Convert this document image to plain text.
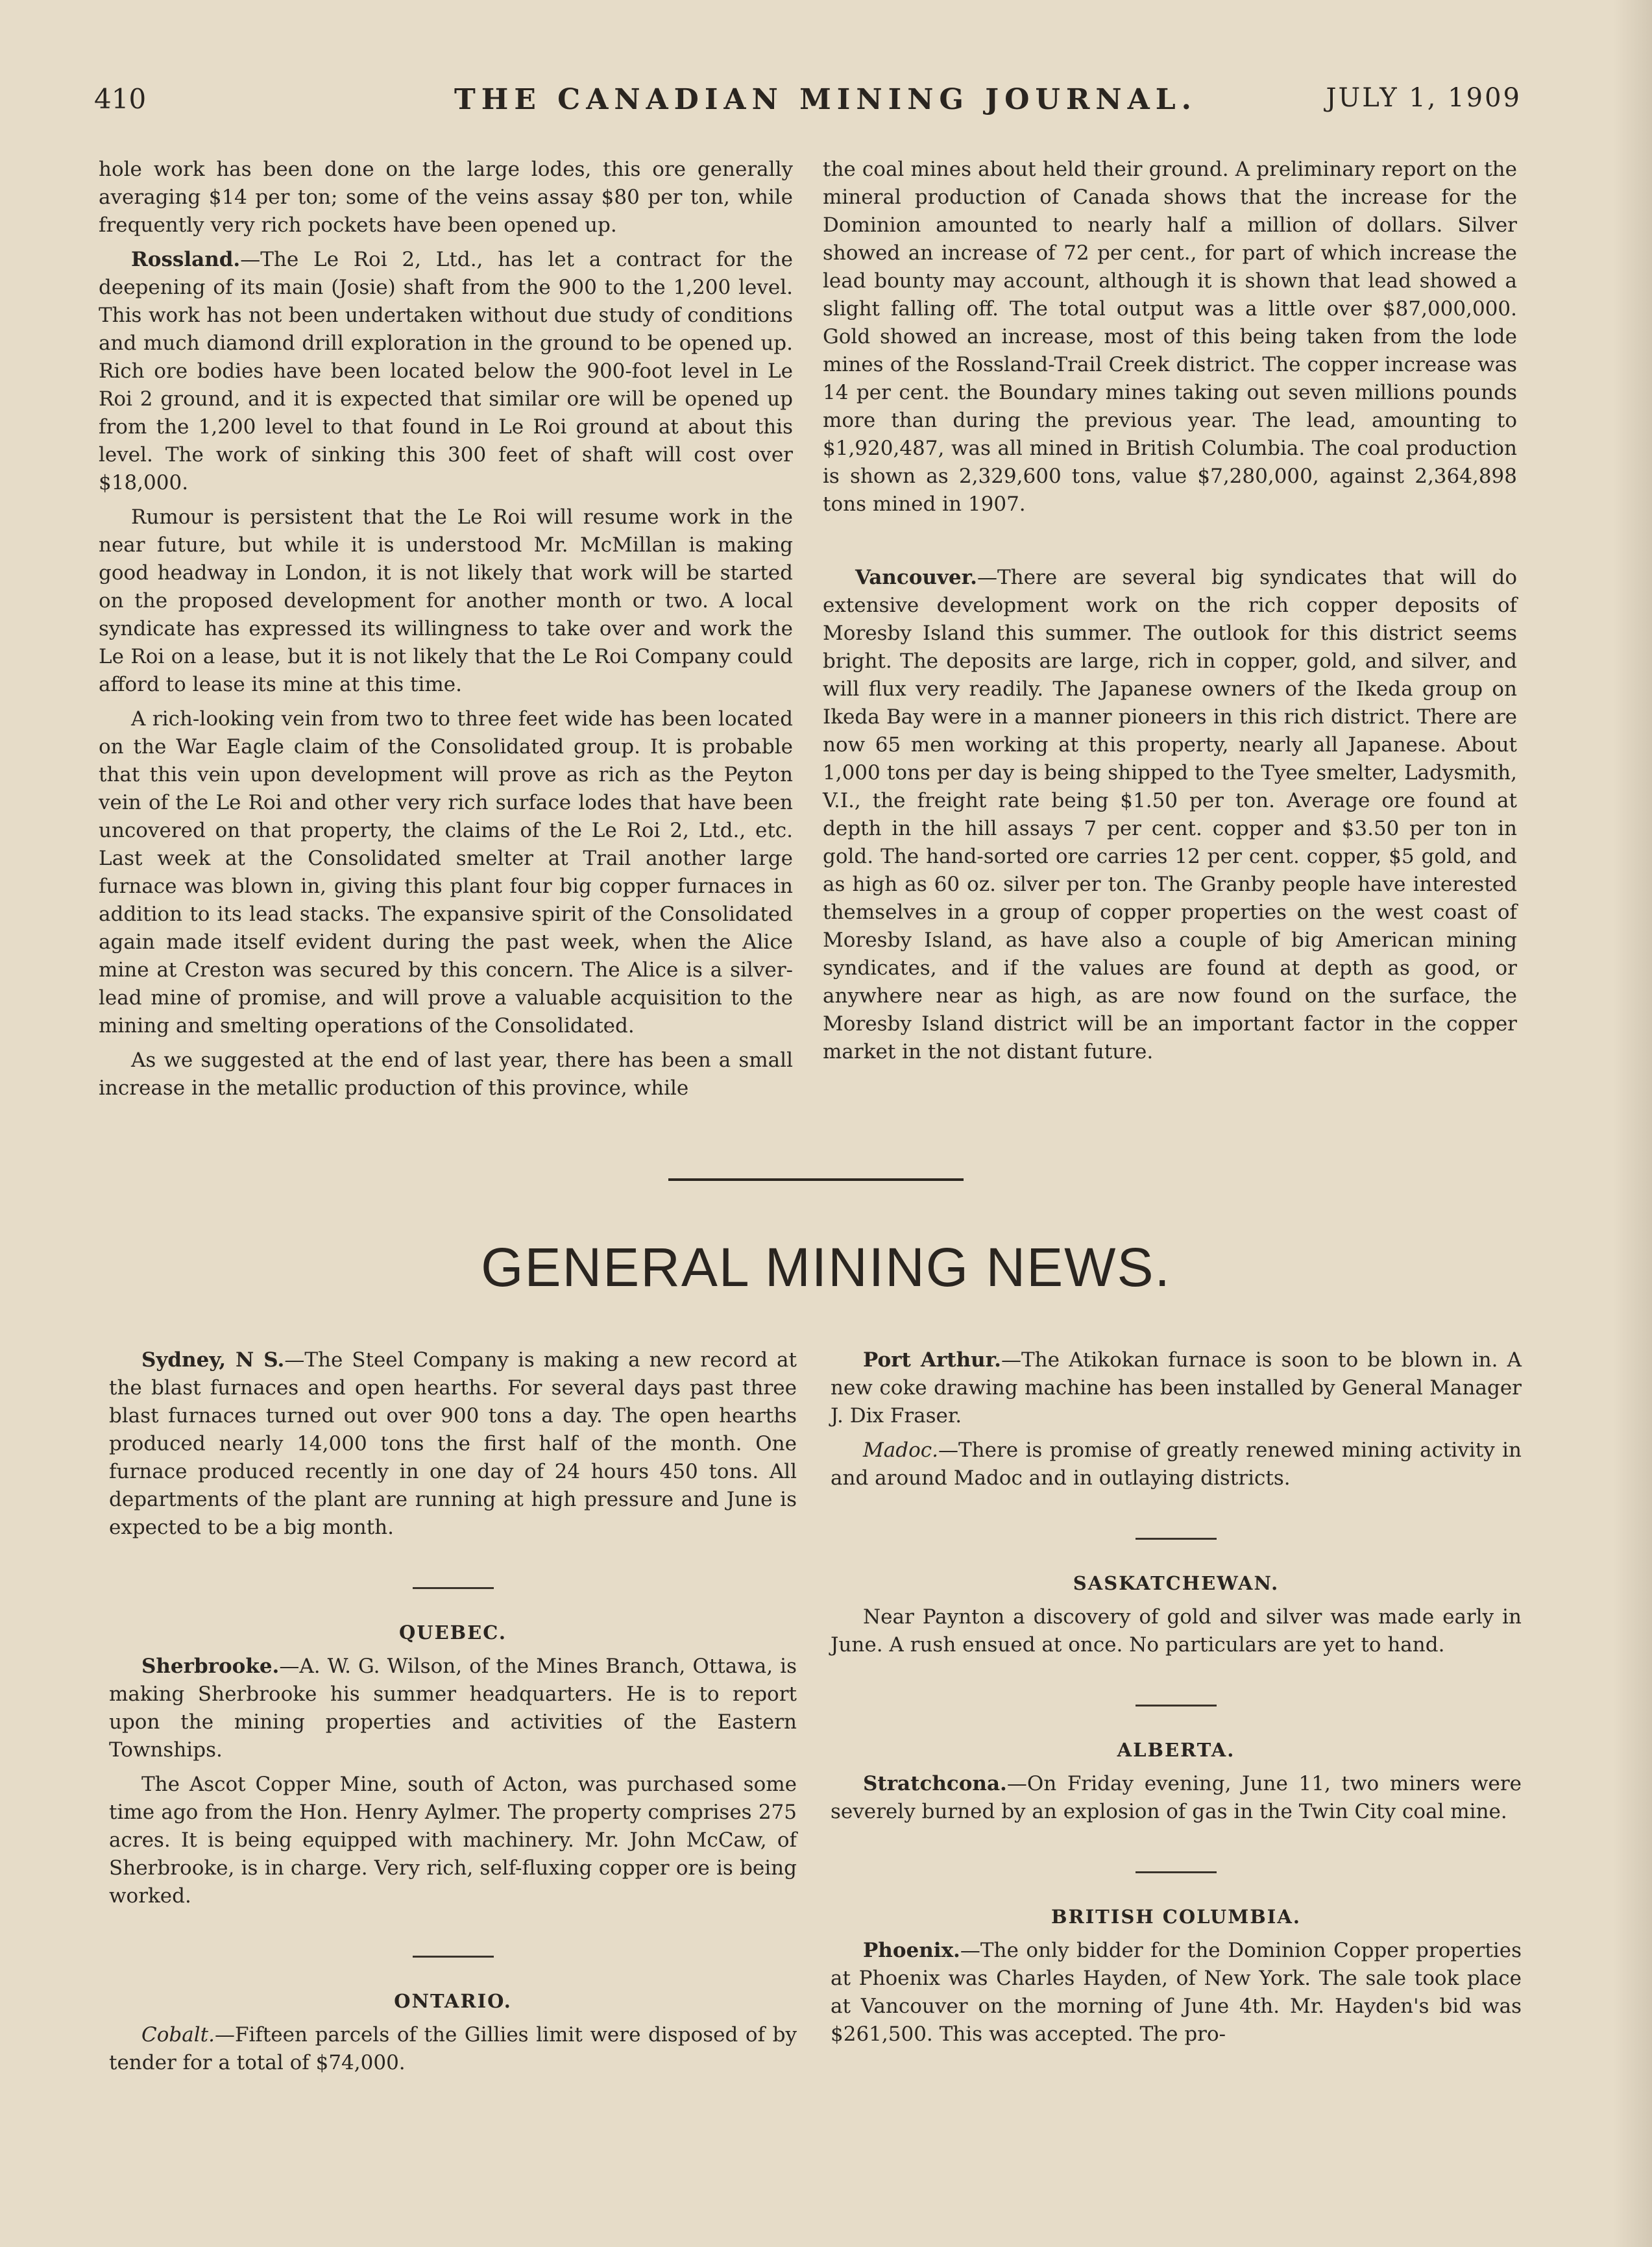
410	THE CANADIAN MINING JOURNAL.	JULY 1, 1909

hole work has been done on the large lodes, this ore generally averaging $14 per ton; some of the veins assay $80 per ton, while frequently very rich pockets have been opened up.

Rossland.—The Le Roi 2, Ltd., has let a contract for the deepening of its main (Josie) shaft from the 900 to the 1,200 level. This work has not been undertaken without due study of conditions and much diamond drill exploration in the ground to be opened up. Rich ore bodies have been located below the 900-foot level in Le Roi 2 ground, and it is expected that similar ore will be opened up from the 1,200 level to that found in Le Roi ground at about this level. The work of sinking this 300 feet of shaft will cost over $18,000.

Rumour is persistent that the Le Roi will resume work in the near future, but while it is understood Mr. McMillan is making good headway in London, it is not likely that work will be started on the proposed development for another month or two. A local syndicate has expressed its willingness to take over and work the Le Roi on a lease, but it is not likely that the Le Roi Company could afford to lease its mine at this time.

A rich-looking vein from two to three feet wide has been located on the War Eagle claim of the Consolidated group. It is probable that this vein upon development will prove as rich as the Peyton vein of the Le Roi and other very rich surface lodes that have been uncovered on that property, the claims of the Le Roi 2, Ltd., etc. Last week at the Consolidated smelter at Trail another large furnace was blown in, giving this plant four big copper furnaces in addition to its lead stacks. The expansive spirit of the Consolidated again made itself evident during the past week, when the Alice mine at Creston was secured by this concern. The Alice is a silver-lead mine of promise, and will prove a valuable acquisition to the mining and smelting operations of the Consolidated.

As we suggested at the end of last year, there has been a small increase in the metallic production of this province, while

the coal mines about held their ground. A preliminary report on the mineral production of Canada shows that the increase for the Dominion amounted to nearly half a million of dollars. Silver showed an increase of 72 per cent., for part of which increase the lead bounty may account, although it is shown that lead showed a slight falling off. The total output was a little over $87,000,000. Gold showed an increase, most of this being taken from the lode mines of the Rossland-Trail Creek district. The copper increase was 14 per cent. the Boundary mines taking out seven millions pounds more than during the previous year. The lead, amounting to $1,920,487, was all mined in British Columbia. The coal production is shown as 2,329,600 tons, value $7,280,000, against 2,364,898 tons mined in 1907.

Vancouver.—There are several big syndicates that will do extensive development work on the rich copper deposits of Moresby Island this summer. The outlook for this district seems bright. The deposits are large, rich in copper, gold, and silver, and will flux very readily. The Japanese owners of the Ikeda group on Ikeda Bay were in a manner pioneers in this rich district. There are now 65 men working at this property, nearly all Japanese. About 1,000 tons per day is being shipped to the Tyee smelter, Ladysmith, V.I., the freight rate being $1.50 per ton. Average ore found at depth in the hill assays 7 per cent. copper and $3.50 per ton in gold. The hand-sorted ore carries 12 per cent. copper, $5 gold, and as high as 60 oz. silver per ton. The Granby people have interested themselves in a group of copper properties on the west coast of Moresby Island, as have also a couple of big American mining syndicates, and if the values are found at depth as good, or anywhere near as high, as are now found on the surface, the Moresby Island district will be an important factor in the copper market in the not distant future.

GENERAL MINING NEWS.

Sydney, N S.—The Steel Company is making a new record at the blast furnaces and open hearths. For several days past three blast furnaces turned out over 900 tons a day. The open hearths produced nearly 14,000 tons the first half of the month. One furnace produced recently in one day of 24 hours 450 tons. All departments of the plant are running at high pressure and June is expected to be a big month.

QUEBEC.

Sherbrooke.—A. W. G. Wilson, of the Mines Branch, Ottawa, is making Sherbrooke his summer headquarters. He is to report upon the mining properties and activities of the Eastern Townships.

The Ascot Copper Mine, south of Acton, was purchased some time ago from the Hon. Henry Aylmer. The property comprises 275 acres. It is being equipped with machinery. Mr. John McCaw, of Sherbrooke, is in charge. Very rich, self-fluxing copper ore is being worked.

ONTARIO.

Cobalt.—Fifteen parcels of the Gillies limit were disposed of by tender for a total of $74,000.

Port Arthur.—The Atikokan furnace is soon to be blown in. A new coke drawing machine has been installed by General Manager J. Dix Fraser.

Madoc.—There is promise of greatly renewed mining activity in and around Madoc and in outlaying districts.

SASKATCHEWAN.

Near Paynton a discovery of gold and silver was made early in June. A rush ensued at once. No particulars are yet to hand.

ALBERTA.

Stratchcona.—On Friday evening, June 11, two miners were severely burned by an explosion of gas in the Twin City coal mine.

BRITISH COLUMBIA.

Phoenix.—The only bidder for the Dominion Copper properties at Phoenix was Charles Hayden, of New York. The sale took place at Vancouver on the morning of June 4th. Mr. Hayden's bid was $261,500. This was accepted. The pro-
